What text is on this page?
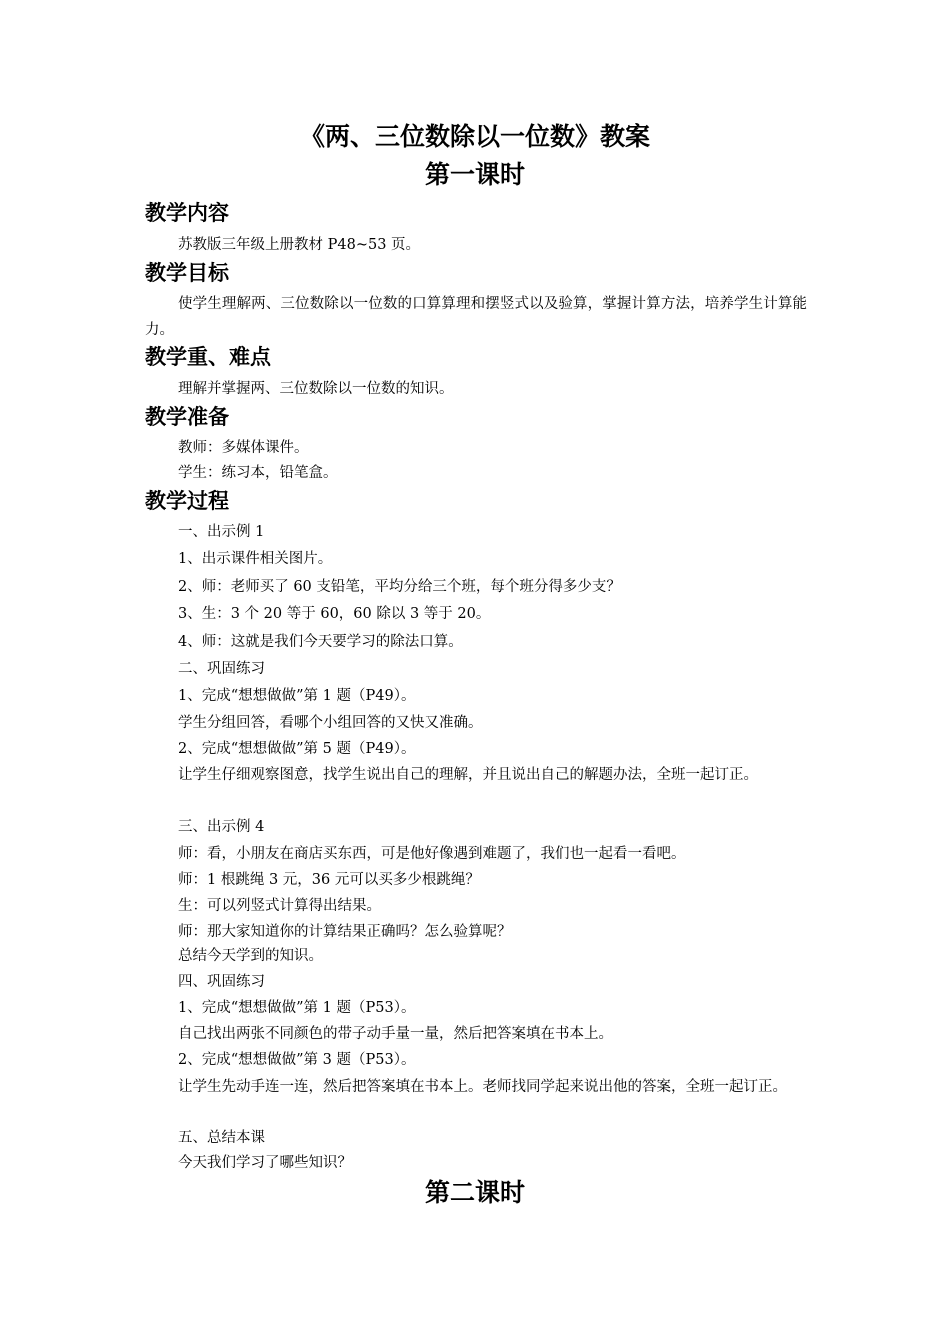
《两、三位数除以一位数》教案
第一课时
教学内容
苏教版三年级上册教材 P48~53 页。
教学目标
使学生理解两、三位数除以一位数的口算算理和摆竖式以及验算，掌握计算方法，培养学生计算能力。
教学重、难点
理解并掌握两、三位数除以一位数的知识。
教学准备
教师：多媒体课件。
学生：练习本，铅笔盒。
教学过程
一、出示例 1
1、出示课件相关图片。
2、师：老师买了 60 支铅笔，平均分给三个班，每个班分得多少支？
3、生：3 个 20 等于 60，60 除以 3 等于 20。
4、师：这就是我们今天要学习的除法口算。
二、巩固练习
1、完成“想想做做”第 1 题（P49）。
学生分组回答，看哪个小组回答的又快又准确。
2、完成“想想做做”第 5 题（P49）。
让学生仔细观察图意，找学生说出自己的理解，并且说出自己的解题办法，全班一起订正。
三、出示例 4
师：看，小朋友在商店买东西，可是他好像遇到难题了，我们也一起看一看吧。
师：1 根跳绳 3 元，36 元可以买多少根跳绳？
生：可以列竖式计算得出结果。
师：那大家知道你的计算结果正确吗？怎么验算呢？
总结今天学到的知识。
四、巩固练习
1、完成“想想做做”第 1 题（P53）。
自己找出两张不同颜色的带子动手量一量，然后把答案填在书本上。
2、完成“想想做做”第 3 题（P53）。
让学生先动手连一连，然后把答案填在书本上。老师找同学起来说出他的答案，全班一起订正。
五、总结本课
今天我们学习了哪些知识？
第二课时
